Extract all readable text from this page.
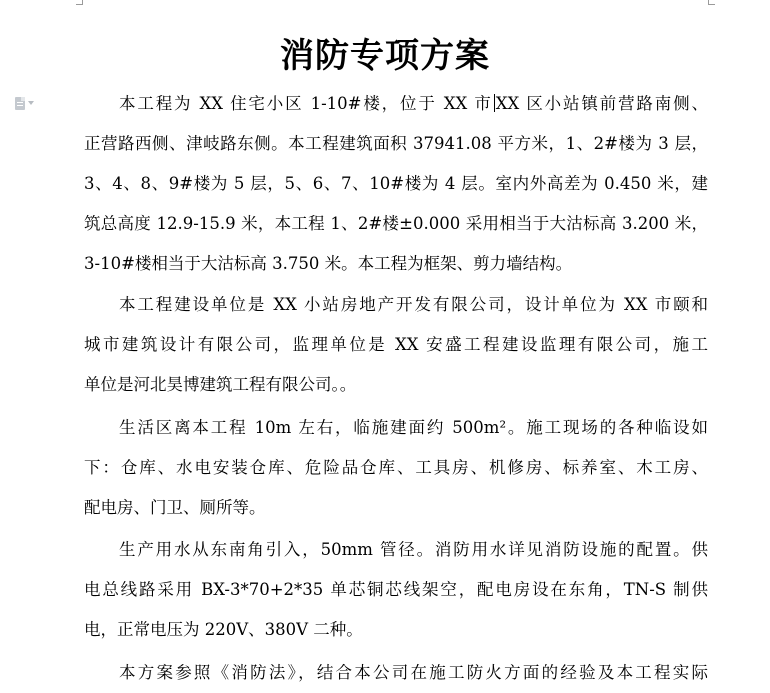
消防专项方案

本工程为 XX 住宅小区 1-10#楼，位于 XX 市 XX 区小站镇前营路南侧、
正营路西侧、津岐路东侧。本工程建筑面积 37941.08 平方米，1、2#楼为 3 层，
3、4、8、9#楼为 5 层，5、6、7、10#楼为 4 层。室内外高差为 0.450 米，建
筑总高度 12.9-15.9 米，本工程 1、2#楼±0.000 采用相当于大沽标高 3.200 米，
3-10#楼相当于大沽标高 3.750 米。本工程为框架、剪力墙结构。

本工程建设单位是 XX 小站房地产开发有限公司，设计单位为 XX 市颐和
城市建筑设计有限公司，监理单位是 XX 安盛工程建设监理有限公司，施工
单位是河北昊博建筑工程有限公司。。

生活区离本工程 10m 左右，临施建面约 500m²。施工现场的各种临设如
下：仓库、水电安装仓库、危险品仓库、工具房、机修房、标养室、木工房、
配电房、门卫、厕所等。

生产用水从东南角引入，50mm 管径。消防用水详见消防设施的配置。供
电总线路采用 BX-3*70+2*35 单芯铜芯线架空，配电房设在东角，TN-S 制供
电，正常电压为 220V、380V 二种。

本方案参照《消防法》，结合本公司在施工防火方面的经验及本工程实际
